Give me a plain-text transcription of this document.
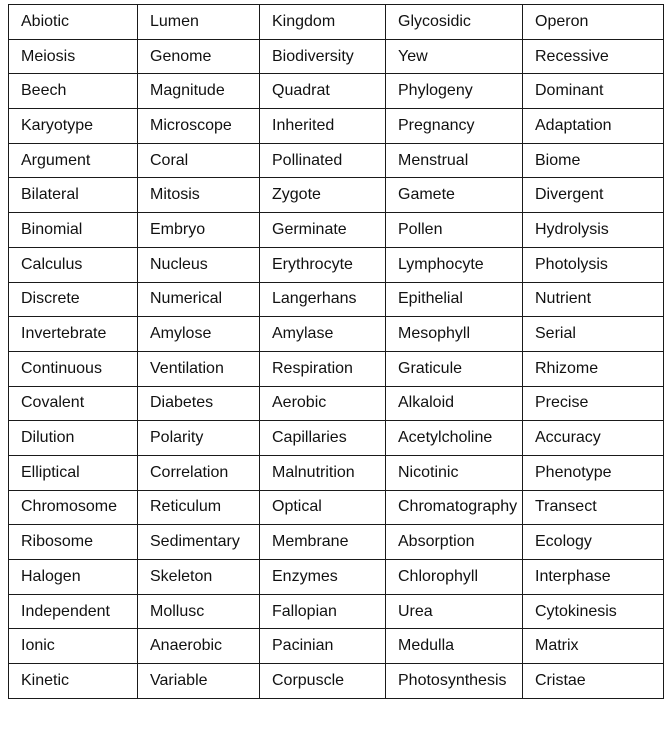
Abiotic	Lumen	Kingdom	Glycosidic	Operon
Meiosis	Genome	Biodiversity	Yew	Recessive
Beech	Magnitude	Quadrat	Phylogeny	Dominant
Karyotype	Microscope	Inherited	Pregnancy	Adaptation
Argument	Coral	Pollinated	Menstrual	Biome
Bilateral	Mitosis	Zygote	Gamete	Divergent
Binomial	Embryo	Germinate	Pollen	Hydrolysis
Calculus	Nucleus	Erythrocyte	Lymphocyte	Photolysis
Discrete	Numerical	Langerhans	Epithelial	Nutrient
Invertebrate	Amylose	Amylase	Mesophyll	Serial
Continuous	Ventilation	Respiration	Graticule	Rhizome
Covalent	Diabetes	Aerobic	Alkaloid	Precise
Dilution	Polarity	Capillaries	Acetylcholine	Accuracy
Elliptical	Correlation	Malnutrition	Nicotinic	Phenotype
Chromosome	Reticulum	Optical	Chromatography	Transect
Ribosome	Sedimentary	Membrane	Absorption	Ecology
Halogen	Skeleton	Enzymes	Chlorophyll	Interphase
Independent	Mollusc	Fallopian	Urea	Cytokinesis
Ionic	Anaerobic	Pacinian	Medulla	Matrix
Kinetic	Variable	Corpuscle	Photosynthesis	Cristae
